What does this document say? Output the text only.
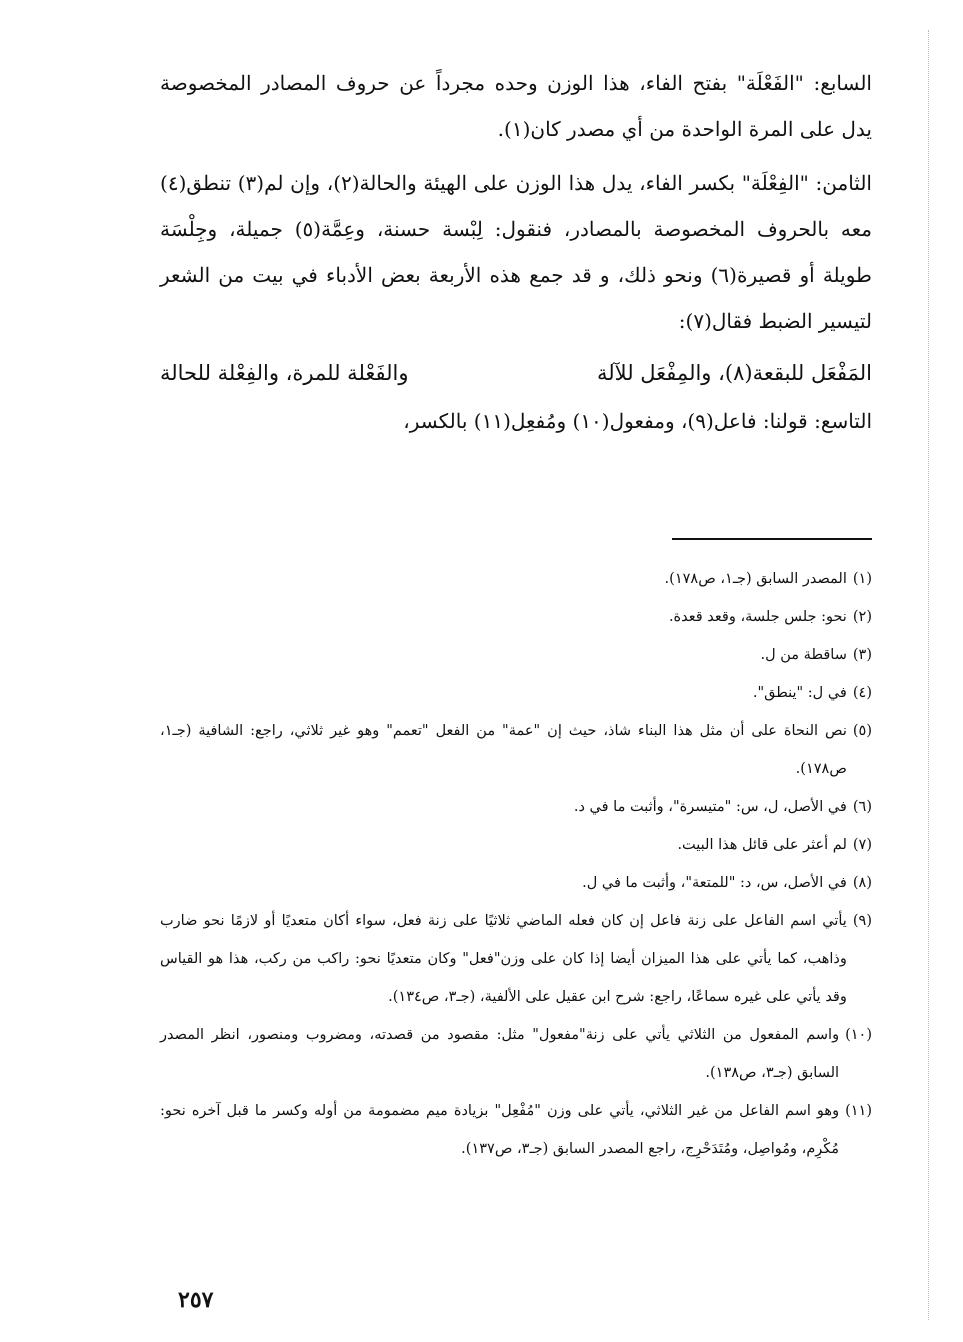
السابع: "الفَعْلَة" بفتح الفاء، هذا الوزن وحده مجرداً عن حروف المصادر المخصوصة يدل على المرة الواحدة من أي مصدر كان(١).

الثامن: "الفِعْلَة" بكسر الفاء، يدل هذا الوزن على الهيئة والحالة(٢)، وإن لم(٣) تنطق(٤) معه بالحروف المخصوصة بالمصادر، فنقول: لِبْسة حسنة، وعِمَّة(٥) جميلة، وجِلْسَة طويلة أو قصيرة(٦) ونحو ذلك، و قد جمع هذه الأربعة بعض الأدباء في بيت من الشعر لتيسير الضبط فقال(٧):

المَفْعَل للبقعة(٨)، والمِفْعَل للآلة
والفَعْلة للمرة، والفِعْلة للحالة

التاسع: قولنا: فاعل(٩)، ومفعول(١٠) ومُفعِل(١١) بالكسر،

(١)
المصدر السابق (جـ١، ص١٧٨).
(٢)
نحو: جلس جلسة، وقعد قعدة.
(٣)
ساقطة من ل.
(٤)
في ل: "ينطق".
(٥)
نص النحاة على أن مثل هذا البناء شاذ، حيث إن "عمة" من الفعل "تعمم" وهو غير ثلاثي، راجع: الشافية (جـ١، ص١٧٨).
(٦)
في الأصل، ل، س: "متيسرة"، وأثبت ما في د.
(٧)
لم أعثر على قائل هذا البيت.
(٨)
في الأصل، س، د: "للمتعة"، وأثبت ما في ل.
(٩)
يأتي اسم الفاعل على زنة فاعل إن كان فعله الماضي ثلاثيًا على زنة فعل، سواء أكان متعديًا أو لازمًا نحو ضارب وذاهب، كما يأتي على هذا الميزان أيضا إذا كان على وزن"فعل" وكان متعديًا نحو: راكب من ركب، هذا هو القياس وقد يأتي على غيره سماعًا، راجع: شرح ابن عقيل على الألفية، (جـ٣، ص١٣٤).
(١٠)
واسم المفعول من الثلاثي يأتي على زنة"مفعول" مثل: مقصود من قصدته، ومضروب ومنصور، انظر المصدر السابق (جـ٣، ص١٣٨).
(١١)
وهو اسم الفاعل من غير الثلاثي، يأتي على وزن "مُفْعِل" بزيادة ميم مضمومة من أوله وكسر ما قبل آخره نحو: مُكْرِم، ومُواصِل، ومُتَدَحْرِج، راجع المصدر السابق (جـ٣، ص١٣٧).
٢٥٧
